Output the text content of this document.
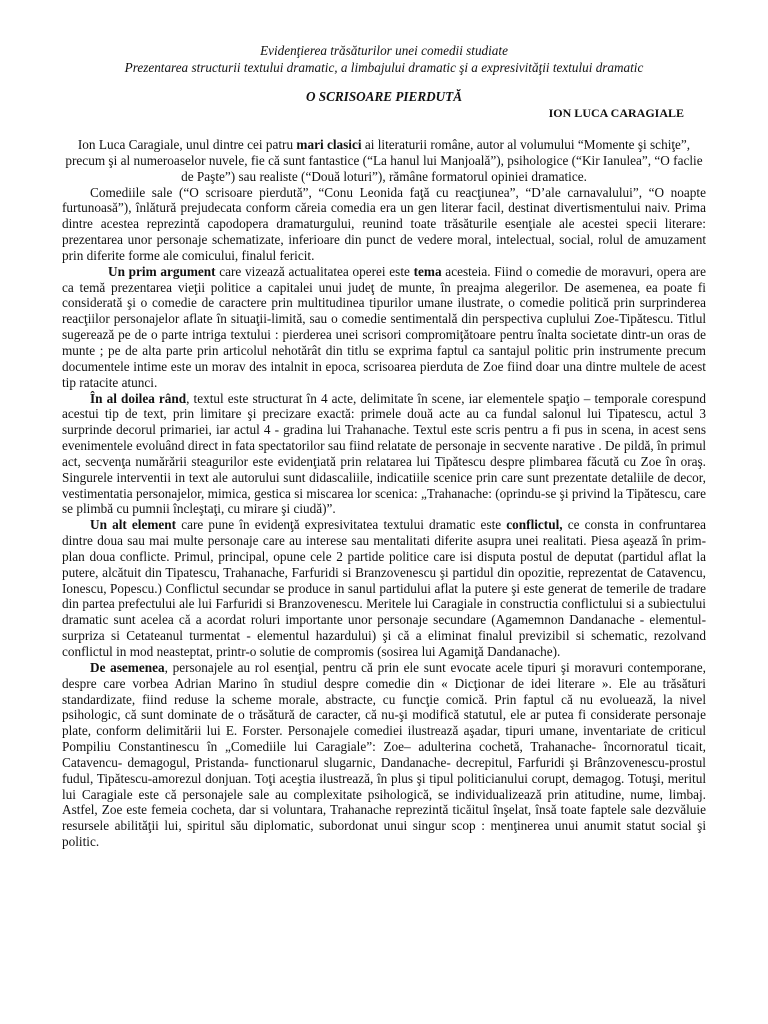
Evidenţierea trăsăturilor unei comedii studiate
Prezentarea structurii textului dramatic, a limbajului dramatic şi a expresivităţii textului dramatic
O SCRISOARE PIERDUTĂ
ION LUCA CARAGIALE

Ion Luca Caragiale, unul dintre cei patru mari clasici ai literaturii române, autor al volumului “Momente şi schiţe”, precum şi al numeroaselor nuvele, fie că sunt fantastice (“La hanul lui Manjoală”), psihologice (“Kir Ianulea”, “O faclie de Paşte”) sau realiste (“Două loturi”), rămâne formatorul opiniei dramatice.

Comediile sale (“O scrisoare pierdută”, “Conu Leonida faţă cu reacţiunea”, “D’ale carnavalului”, “O noapte furtunoasă”), înlătură prejudecata conform căreia comedia era un gen literar facil, destinat divertismentului naiv. Prima dintre acestea reprezintă capodopera dramaturgului, reunind toate trăsăturile esenţiale ale acestei specii literare: prezentarea unor personaje schematizate, inferioare din punct de vedere moral, intelectual, social, rolul de amuzament prin diferite forme ale comicului, finalul fericit.

Un prim argument care vizează actualitatea operei este tema acesteia. Fiind o comedie de moravuri, opera are ca temă prezentarea vieţii politice a capitalei unui judeţ de munte, în preajma alegerilor. De asemenea, ea poate fi considerată şi o comedie de caractere prin multitudinea tipurilor umane ilustrate, o comedie politică prin surprinderea reacţiilor personajelor aflate în situaţii-limită, sau o comedie sentimentală din perspectiva cuplului Zoe-Tipătescu. Titlul sugerează pe de o parte intriga textului : pierderea unei scrisori compromiţătoare pentru înalta societate dintr-un oras de munte ; pe de alta parte prin articolul nehotărât din titlu se exprima faptul ca santajul politic prin instrumente precum documentele intime este un morav des intalnit in epoca, scrisoarea pierduta de Zoe fiind doar una dintre multele de acest tip ratacite atunci.

În al doilea rând, textul este structurat în 4 acte, delimitate în scene, iar elementele spaţio – temporale corespund acestui tip de text, prin limitare şi precizare exactă: primele două acte au ca fundal salonul lui Tipatescu, actul 3 surprinde decorul primariei, iar actul 4 - gradina lui Trahanache. Textul este scris pentru a fi pus in scena, in acest sens evenimentele evoluând direct in fata spectatorilor sau fiind relatate de personaje in secvente narative . De pildă, în primul act, secvenţa numărării steagurilor este evidenţiată prin relatarea lui Tipătescu despre plimbarea făcută cu Zoe în oraş. Singurele interventii in text ale autorului sunt didascaliile, indicatiile scenice prin care sunt prezentate detaliile de decor, vestimentatia personajelor, mimica, gestica si miscarea lor scenica: „Trahanache: (oprindu-se şi privind la Tipătescu, care se plimbă cu pumnii încleştaţi, cu mirare şi ciudă)”.

Un alt element care pune în evidenţă expresivitatea textului dramatic este conflictul, ce consta in confruntarea dintre doua sau mai multe personaje care au interese sau mentalitati diferite asupra unei realitati. Piesa aşează în prim-plan doua conflicte. Primul, principal, opune cele 2 partide politice care isi disputa postul de deputat (partidul aflat la putere, alcătuit din Tipatescu, Trahanache, Farfuridi si Branzovenescu şi partidul din opozitie, reprezentat de Catavencu, Ionescu, Popescu.) Conflictul secundar se produce in sanul partidului aflat la putere şi este generat de temerile de tradare din partea prefectului ale lui Farfuridi si Branzovenescu. Meritele lui Caragiale in constructia conflictului si a subiectului dramatic sunt acelea că a acordat roluri importante unor personaje secundare (Agamemnon Dandanache - elementul-surpriza si Cetateanul turmentat - elementul hazardului) şi că a eliminat finalul previzibil si schematic, rezolvand conflictul in mod neasteptat, printr-o solutie de compromis (sosirea lui Agamiţă Dandanache).

De asemenea, personajele au rol esenţial, pentru că prin ele sunt evocate acele tipuri şi moravuri contemporane, despre care vorbea Adrian Marino în studiul despre comedie din « Dicţionar de idei literare ». Ele au trăsături standardizate, fiind reduse la scheme morale, abstracte, cu funcţie comică. Prin faptul că nu evoluează, la nivel psihologic, că sunt dominate de o trăsătură de caracter, că nu-şi modifică statutul, ele ar putea fi considerate personaje plate, conform delimitării lui E. Forster. Personajele comediei ilustrează aşadar, tipuri umane, inventariate de criticul Pompiliu Constantinescu în „Comediile lui Caragiale”: Zoe– adulterina cochetă, Trahanache- încornoratul ticait, Catavencu- demagogul, Pristanda- functionarul slugarnic, Dandanache- decrepitul, Farfuridi şi Brânzovenescu-prostul fudul, Tipătescu-amorezul donjuan. Toţi aceştia ilustrează, în plus şi tipul politicianului corupt, demagog. Totuşi, meritul lui Caragiale este că personajele sale au complexitate psihologică, se individualizează prin atitudine, nume, limbaj. Astfel, Zoe este femeia cocheta, dar si voluntara, Trahanache reprezintă ticăitul înşelat, însă toate faptele sale dezvăluie resursele abilităţii lui, spiritul său diplomatic, subordonat unui singur scop : menţinerea unui anumit statut social şi politic.
